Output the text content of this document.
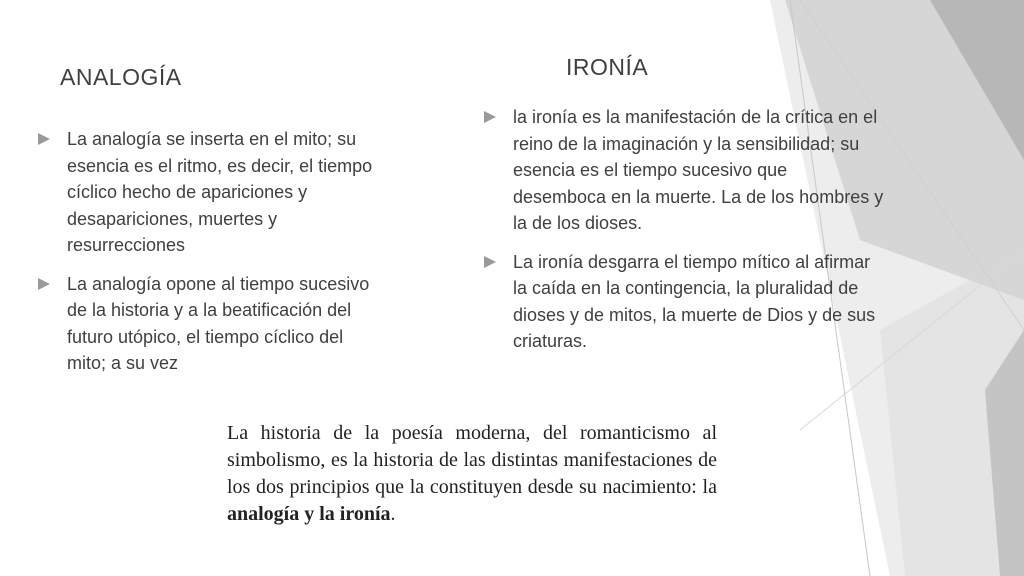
ANALOGÍA	IRONÍA
La analogía se inserta en el mito; su esencia es el ritmo, es decir, el tiempo cíclico hecho de apariciones y desapariciones, muertes y resurrecciones
La analogía opone al tiempo sucesivo de la historia y a la beatificación del futuro utópico, el tiempo cíclico del mito; a su vez
la ironía es la manifestación de la crítica en el reino de la imaginación y la sensibilidad; su esencia es el tiempo sucesivo que desemboca en la muerte. La de los hombres y la de los dioses.
La ironía desgarra el tiempo mítico al afirmar la caída en la contingencia, la pluralidad de dioses y de mitos, la muerte de Dios y de sus criaturas.

La historia de la poesía moderna, del romanticismo al simbolismo, es la historia de las distintas manifestaciones de los dos principios que la constituyen desde su nacimiento: la analogía y la ironía.
